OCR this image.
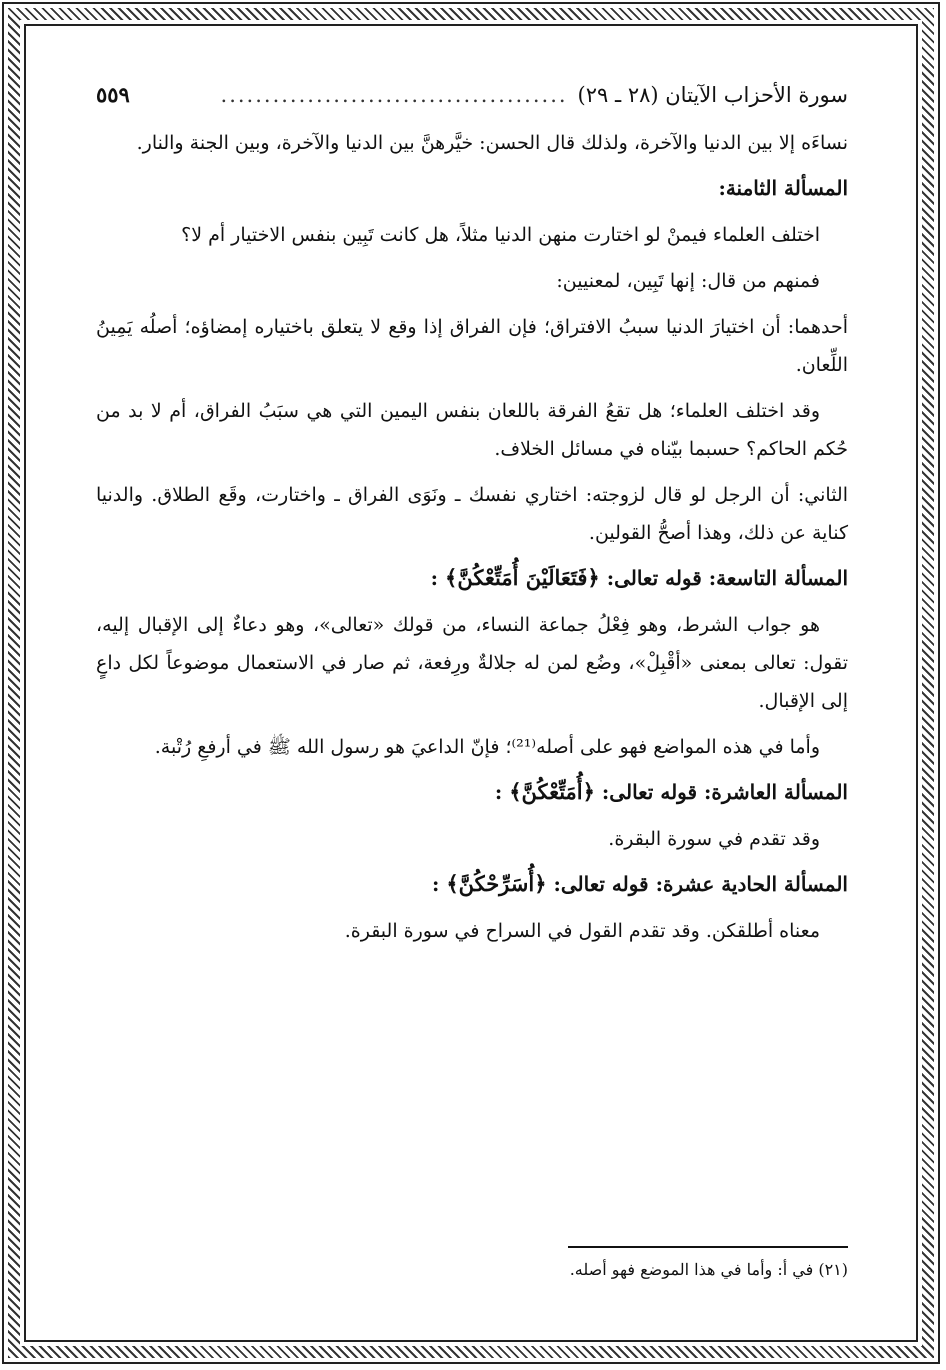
سورة الأحزاب الآيتان (٢٨ ـ ٢٩)
........................................
٥٥٩

نساءَه إلا بين الدنيا والآخرة، ولذلك قال الحسن: خيَّرهنَّ بين الدنيا والآخرة، وبين الجنة والنار.

المسألة الثامنة:

اختلف العلماء فيمنْ لو اختارت منهن الدنيا مثلاً، هل كانت تَبِين بنفس الاختيار أم لا؟

فمنهم من قال: إنها تَبِين، لمعنيين:

أحدهما: أن اختيارَ الدنيا سببُ الافتراق؛ فإن الفراق إذا وقع لا يتعلق باختياره إمضاؤه؛ أصلُه يَمِينُ اللِّعان.

وقد اختلف العلماء؛ هل تقعُ الفرقة باللعان بنفس اليمين التي هي سبَبُ الفراق، أم لا بد من حُكم الحاكم؟ حسبما بيّناه في مسائل الخلاف.

الثاني: أن الرجل لو قال لزوجته: اختاري نفسك ـ ونَوَى الفراق ـ واختارت، وقَع الطلاق. والدنيا كناية عن ذلك، وهذا أصحُّ القولين.

المسألة التاسعة: قوله تعالى: ﴿فَتَعَالَيْنَ أُمَتِّعْكُنَّ﴾ :

هو جواب الشرط، وهو فِعْلُ جماعة النساء، من قولك «تعالى»، وهو دعاءٌ إلى الإقبال إليه، تقول: تعالى بمعنى «أقْبِلْ»، وضُع لمن له جلالةٌ ورِفعة، ثم صار في الاستعمال موضوعاً لكل داعٍ إلى الإقبال.

وأما في هذه المواضع فهو على أصله⁽²¹⁾؛ فإنّ الداعيَ هو رسول الله ﷺ في أرفعِ رُتْبة.

المسألة العاشرة: قوله تعالى: ﴿أُمَتِّعْكُنَّ﴾ :

وقد تقدم في سورة البقرة.

المسألة الحادية عشرة: قوله تعالى: ﴿أُسَرِّحْكُنَّ﴾ :

معناه أطلقكن. وقد تقدم القول في السراح في سورة البقرة.

(٢١) في أ: وأما في هذا الموضع فهو أصله.
